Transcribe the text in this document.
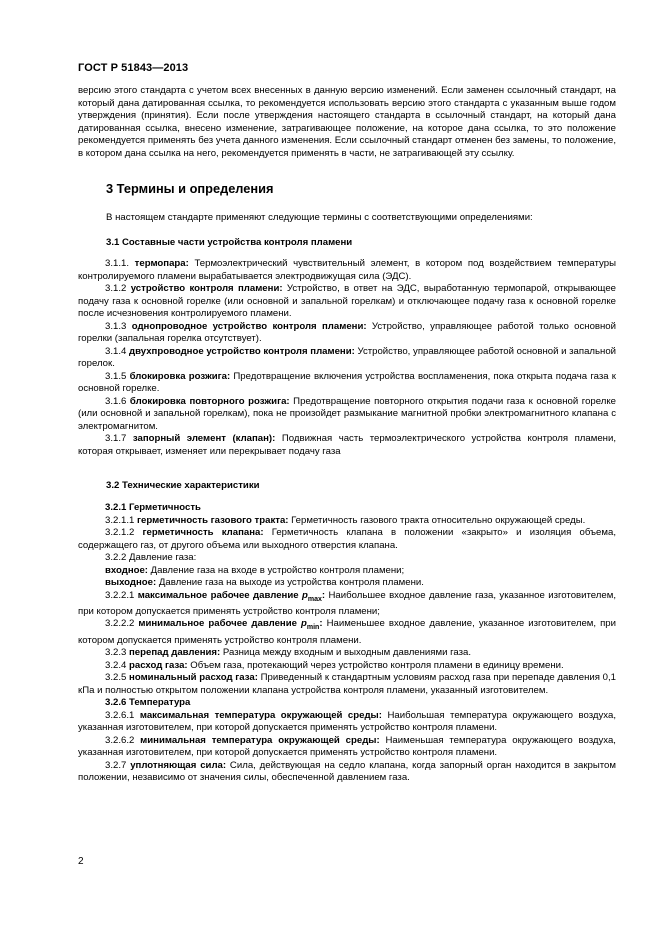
ГОСТ Р 51843—2013

версию этого стандарта с учетом всех внесенных в данную версию изменений. Если заменен ссылочный стандарт, на который дана датированная ссылка, то рекомендуется использовать версию этого стандарта с указанным выше годом утверждения (принятия). Если после утверждения настоящего стандарта в ссылочный стандарт, на который дана датированная ссылка, внесено изменение, затрагивающее положение, на которое дана ссылка, то это положение рекомендуется применять без учета данного изменения. Если ссылочный стандарт отменен без замены, то положение, в котором дана ссылка на него, рекомендуется применять в части, не затрагивающей эту ссылку.

3 Термины и определения
В настоящем стандарте применяют следующие термины с соответствующими определениями:
3.1 Составные части устройства контроля пламени

3.1.1. термопара: Термоэлектрический чувствительный элемент, в котором под воздействием температуры контролируемого пламени вырабатывается электродвижущая сила (ЭДС).

3.1.2 устройство контроля пламени: Устройство, в ответ на ЭДС, выработанную термопарой, открывающее подачу газа к основной горелке (или основной и запальной горелкам) и отключающее подачу газа к основной горелке после исчезновения контролируемого пламени.

3.1.3 однопроводное устройство контроля пламени: Устройство, управляющее работой только основной горелки (запальная горелка отсутствует).

3.1.4 двухпроводное устройство контроля пламени: Устройство, управляющее работой основной и запальной горелок.

3.1.5 блокировка розжига: Предотвращение включения устройства воспламенения, пока открыта подача газа к основной горелке.

3.1.6 блокировка повторного розжига: Предотвращение повторного открытия подачи газа к основной горелке (или основной и запальной горелкам), пока не произойдет размыкание магнитной пробки электромагнитного клапана с электромагнитом.

3.1.7 запорный элемент (клапан): Подвижная часть термоэлектрического устройства контроля пламени, которая открывает, изменяет или перекрывает подачу газа

3.2 Технические характеристики

3.2.1 Герметичность

3.2.1.1 герметичность газового тракта: Герметичность газового тракта относительно окружающей среды.

3.2.1.2 герметичность клапана: Герметичность клапана в положении «закрыто» и изоляция объема, содержащего газ, от другого объема или выходного отверстия клапана.

3.2.2 Давление газа:

входное: Давление газа на входе в устройство контроля пламени;

выходное: Давление газа на выходе из устройства контроля пламени.

3.2.2.1 максимальное рабочее давление $p_{max}$: Наибольшее входное давление газа, указанное изготовителем, при котором допускается применять устройство контроля пламени;

3.2.2.2 минимальное рабочее давление $p_{min}$: Наименьшее входное давление, указанное изготовителем, при котором допускается применять устройство контроля пламени.

3.2.3 перепад давления: Разница между входным и выходным давлениями газа.

3.2.4 расход газа: Объем газа, протекающий через устройство контроля пламени в единицу времени.

3.2.5 номинальный расход газа: Приведенный к стандартным условиям расход газа при перепаде давления 0,1 кПа и полностью открытом положении клапана устройства контроля пламени, указанный изготовителем.

3.2.6 Температура

3.2.6.1 максимальная температура окружающей среды: Наибольшая температура окружающего воздуха, указанная изготовителем, при которой допускается применять устройство контроля пламени.

3.2.6.2 минимальная температура окружающей среды: Наименьшая температура окружающего воздуха, указанная изготовителем, при которой допускается применять устройство контроля пламени.

3.2.7 уплотняющая сила: Сила, действующая на седло клапана, когда запорный орган находится в закрытом положении, независимо от значения силы, обеспеченной давлением газа.

2
